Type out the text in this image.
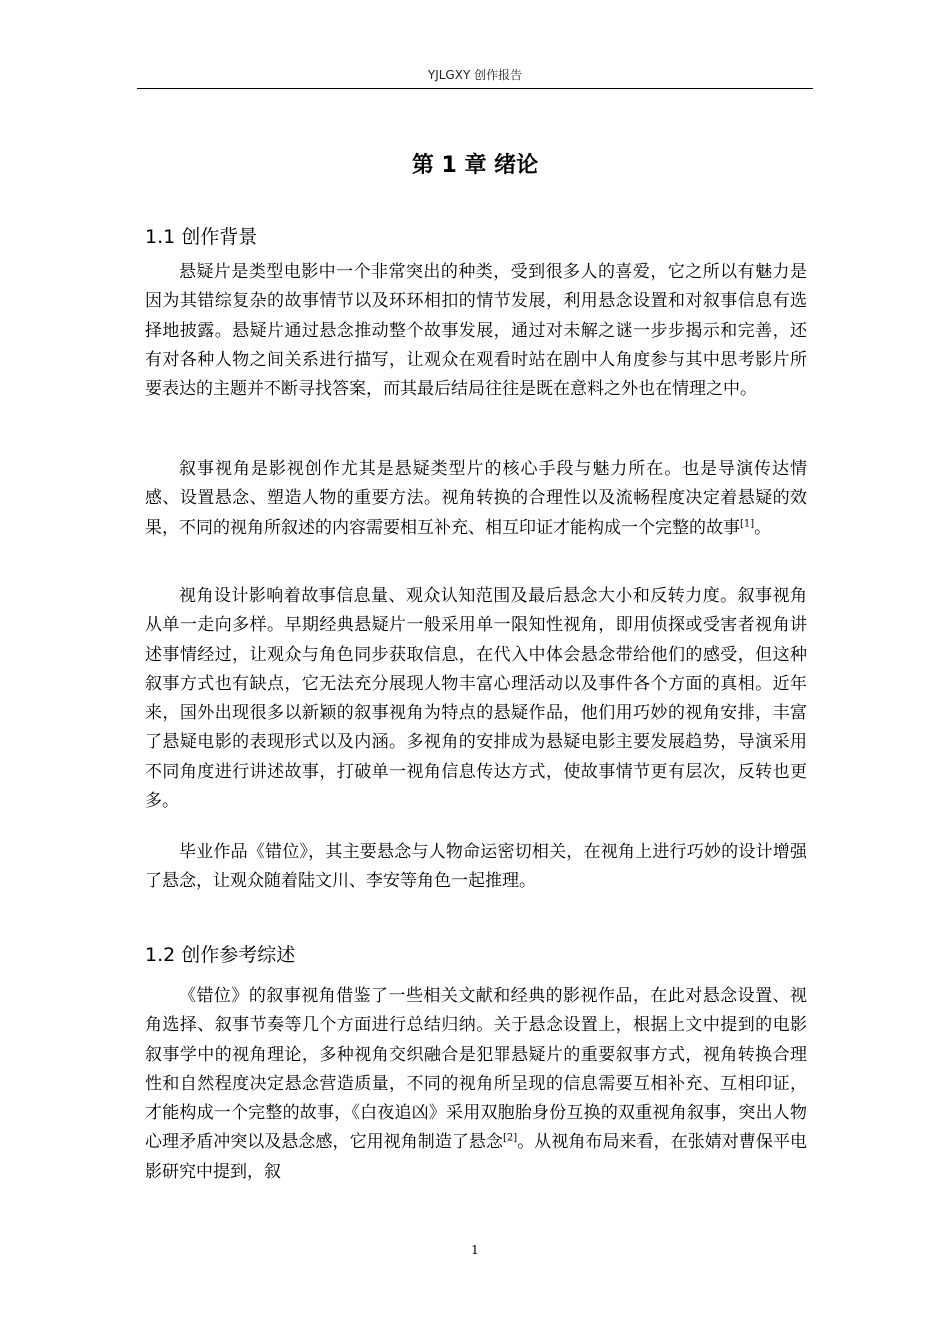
YJLGXY 创作报告
第 1 章 绪论
1.1 创作背景

悬疑片是类型电影中一个非常突出的种类，受到很多人的喜爱，它之所以有魅力是因为其错综复杂的故事情节以及环环相扣的情节发展，利用悬念设置和对叙事信息有选择地披露。悬疑片通过悬念推动整个故事发展，通过对未解之谜一步步揭示和完善，还有对各种人物之间关系进行描写，让观众在观看时站在剧中人角度参与其中思考影片所要表达的主题并不断寻找答案，而其最后结局往往是既在意料之外也在情理之中。

叙事视角是影视创作尤其是悬疑类型片的核心手段与魅力所在。也是导演传达情感、设置悬念、塑造人物的重要方法。视角转换的合理性以及流畅程度决定着悬疑的效果，不同的视角所叙述的内容需要相互补充、相互印证才能构成一个完整的故事[1]。

视角设计影响着故事信息量、观众认知范围及最后悬念大小和反转力度。叙事视角从单一走向多样。早期经典悬疑片一般采用单一限知性视角，即用侦探或受害者视角讲述事情经过，让观众与角色同步获取信息，在代入中体会悬念带给他们的感受，但这种叙事方式也有缺点，它无法充分展现人物丰富心理活动以及事件各个方面的真相。近年来，国外出现很多以新颖的叙事视角为特点的悬疑作品，他们用巧妙的视角安排，丰富了悬疑电影的表现形式以及内涵。多视角的安排成为悬疑电影主要发展趋势，导演采用不同角度进行讲述故事，打破单一视角信息传达方式，使故事情节更有层次，反转也更多。

毕业作品《错位》，其主要悬念与人物命运密切相关，在视角上进行巧妙的设计增强了悬念，让观众随着陆文川、李安等角色一起推理。

1.2 创作参考综述

《错位》的叙事视角借鉴了一些相关文献和经典的影视作品，在此对悬念设置、视角选择、叙事节奏等几个方面进行总结归纳。关于悬念设置上，根据上文中提到的电影叙事学中的视角理论，多种视角交织融合是犯罪悬疑片的重要叙事方式，视角转换合理性和自然程度决定悬念营造质量，不同的视角所呈现的信息需要互相补充、互相印证，才能构成一个完整的故事，《白夜追凶》采用双胞胎身份互换的双重视角叙事，突出人物心理矛盾冲突以及悬念感，它用视角制造了悬念[2]。从视角布局来看，在张婧对曹保平电影研究中提到，叙

1
